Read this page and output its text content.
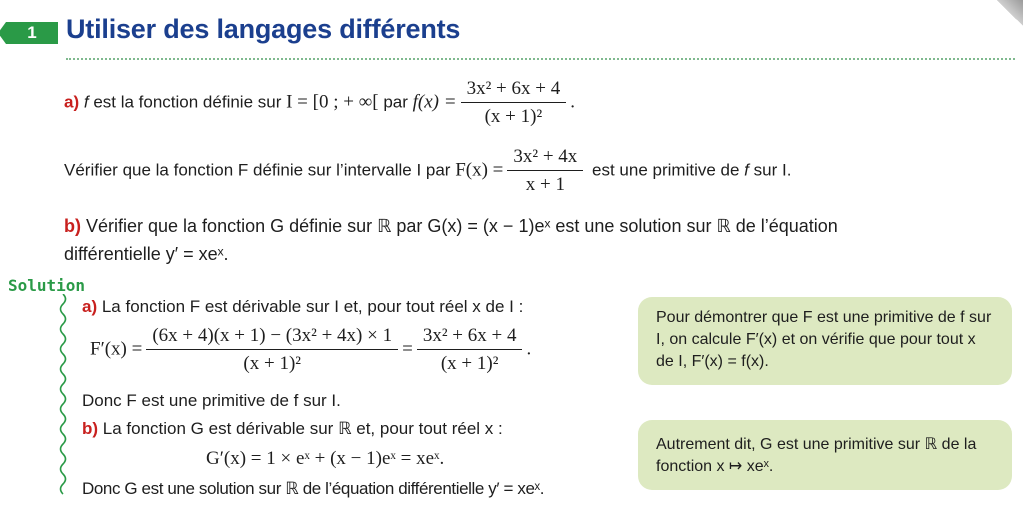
1	Utiliser des langages différents
a) f est la fonction définie sur I = [0 ; + ∞[ par $f(x) = \frac{\text{3x² + 6x + 4}}{\text{(x + 1)²}}$ .
Vérifier que la fonction F définie sur l’intervalle I par $F(x) = \frac{\text{3x² + 4x}}{x + 1}$ est une primitive de f sur I.
b) Vérifier que la fonction G définie sur ℝ par G(x) = (x − 1)eˣ est une solution sur ℝ de l’équation
différentielle y′ = xeˣ.
Solution
a) La fonction F est dérivable sur I et, pour tout réel x de I :
$F'(x) = \frac{\text{(6x + 4)(x + 1) − (3x² + 4x) × 1}}{\text{(x + 1)²}} = \frac{\text{3x² + 6x + 4}}{\text{(x + 1)²}}$ .
Donc F est une primitive de f sur I.
b) La fonction G est dérivable sur ℝ et, pour tout réel x :
G′(x) = 1 × eˣ + (x − 1)eˣ = xeˣ.
Donc G est une solution sur ℝ de l’équation différentielle y′ = xeˣ.
Pour démontrer que F est une primitive de f sur I, on calcule F′(x) et on vérifie que pour tout x de I, F′(x) = f(x).
Autrement dit, G est une primitive sur ℝ de la fonction x ↦ xeˣ.
